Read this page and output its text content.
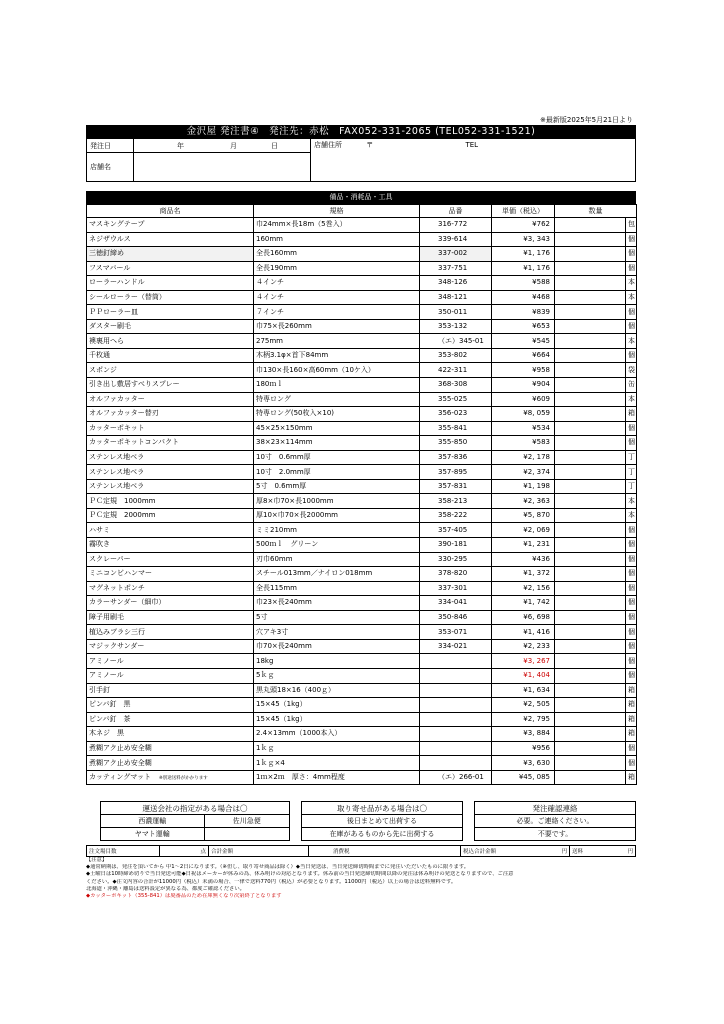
※最新版2025年5月21日より
金沢屋 発注書④　発注先：赤松　FAX052-331-2065 (TEL052-331-1521)
発注日	年 月 日	店舗住所 〒 TEL
店舗名		
備品・消耗品・工具
商品名	規格	品番	単価（税込）	数量	
マスキングテープ	巾24mm×長18m（5巻入）	316-772	¥762		包
ネジザウルス	160mm	339-614	¥3, 343		個
三徳釘締め	全長160mm	337-002	¥1, 176		個
フスマバール	全長190mm	337-751	¥1, 176		個
ローラーハンドル	４インチ	348-126	¥588		本
シールローラー（替筒）	４インチ	348-121	¥468		本
ＰＰローラー皿	７インチ	350-011	¥839		個
ダスター刷毛	巾75×長260mm	353-132	¥653		個
襖裏用へら	275mm	（エ）345-01	¥545		本
千枚通	木柄3.1φ×首下84mm	353-802	¥664		個
スポンジ	巾130×長160×高60mm（10ケ入）	422-311	¥958		袋
引き出し敷居すべりスプレー	180ｍｌ	368-308	¥904		缶
オルファカッター	特専ロング	355-025	¥609		本
オルファカッター替刃	特専ロング(50枚入×10)	356-023	¥8, 059		箱
カッターポキット	45×25×150mm	355-841	¥534		個
カッターポキットコンパクト	38×23×114mm	355-850	¥583		個
ステンレス地ベラ	10寸　0.6mm厚	357-836	¥2, 178		丁
ステンレス地ベラ	10寸　2.0mm厚	357-895	¥2, 374		丁
ステンレス地ベラ	5寸　0.6mm厚	357-831	¥1, 198		丁
ＰＣ定規　1000mm	厚8×巾70×長1000mm	358-213	¥2, 363		本
ＰＣ定規　2000mm	厚10×巾70×長2000mm	358-222	¥5, 870		本
ハサミ	ミミ210mm	357-405	¥2, 069		個
霧吹き	500ｍｌ　グリーン	390-181	¥1, 231		個
スクレーパー	刃巾60mm	330-295	¥436		個
ミニコンビハンマー	スチール013mm／ナイロン018mm	378-820	¥1, 372		個
マグネットポンチ	全長115mm	337-301	¥2, 156		個
カラーサンダー（細巾）	巾23×長240mm	334-041	¥1, 742		個
障子用刷毛	5寸	350-846	¥6, 698		個
植込みブラシ三行	穴アキ3寸	353-071	¥1, 416		個
マジックサンダー	巾70×長240mm	334-021	¥2, 233		個
アミノール	18kg		¥3, 267		個
アミノール	5ｋｇ		¥1, 404		個
引手釘	黒丸頭18×16（400ｇ）		¥1, 634		箱
ピンバ釘　黒	15×45（1kg）		¥2, 505		箱
ピンバ釘　茶	15×45（1kg）		¥2, 795		箱
木ネジ　黒	2.4×13mm（1000本入）		¥3, 884		箱
煮糊アク止め安全糊	1ｋｇ		¥956		個
煮糊アク止め安全糊	1ｋｇ×4		¥3, 630		個
カッティングマット ※別途送料がかかります	1ｍ×2ｍ　厚さ：4mm程度	（エ）266-01	¥45, 085		箱
運送会社の指定がある場合は〇	
西濃運輸	佐川急便
ヤマト運輸	
取り寄せ品がある場合は〇
後日まとめて出荷する
在庫があるものから先に出荷する
発注確認連絡
必要。ご連絡ください。
不要です。
注文場目数	点	合計金額	消費税	税込合計金額	円	送料	円
【注意】
◆通常納期は、発注を頂いてから 中1～2日になります。（※但し、取り寄せ商品は除く）◆当日発送は、当日発送締切時間までに発注いただいたものに限ります。
◆土曜日は10時締め切りで当日発送可能◆日祝はメーカーが休みの為、休み明けの対応となります。休み前の当日発送締切時間以降の発注は休み明けの発送となりますので、ご注意
ください。◆注文内容の合計が11000円（税込）未満の場合、一律で送料770円（税込）が必要となります。11000円（税込）以上の場合は送料無料です。
北海道・沖縄・離島は送料設定が異なる為、都度ご確認ください。
◆カッターポキット（355-841）は廃番品のため在庫無くなり次第終了となります
